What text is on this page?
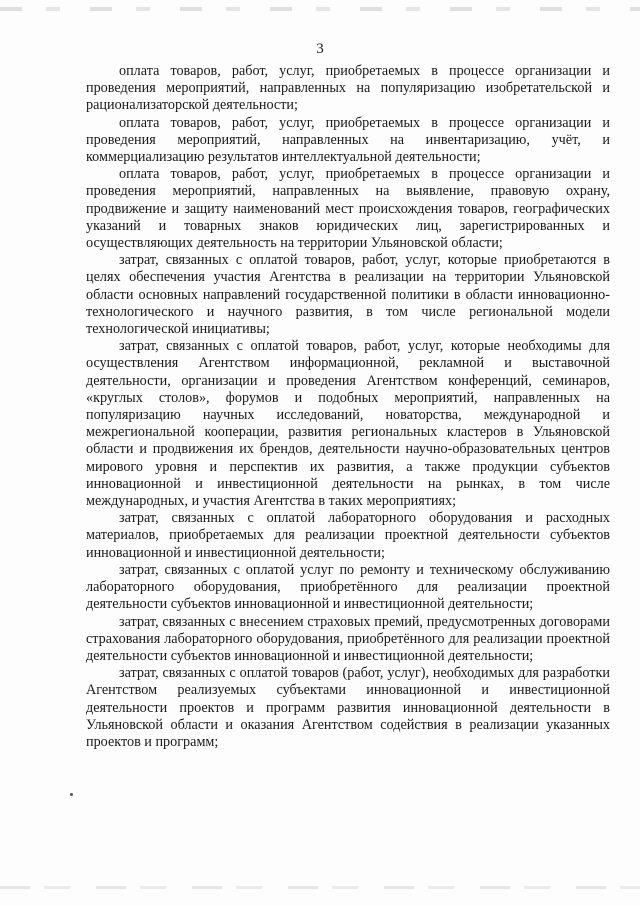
3

оплата товаров, работ, услуг, приобретаемых в процессе организации и проведения мероприятий, направленных на популяризацию изобретательской и рационализаторской деятельности;

оплата товаров, работ, услуг, приобретаемых в процессе организации и проведения мероприятий, направленных на инвентаризацию, учёт, и коммерциализацию результатов интеллектуальной деятельности;

оплата товаров, работ, услуг, приобретаемых в процессе организации и проведения мероприятий, направленных на выявление, правовую охрану, продвижение и защиту наименований мест происхождения товаров, географических указаний и товарных знаков юридических лиц, зарегистрированных и осуществляющих деятельность на территории Ульяновской области;

затрат, связанных с оплатой товаров, работ, услуг, которые приобретаются в целях обеспечения участия Агентства в реализации на территории Ульяновской области основных направлений государственной политики в области инновационно-технологического и научного развития, в том числе региональной модели технологической инициативы;

затрат, связанных с оплатой товаров, работ, услуг, которые необходимы для осуществления Агентством информационной, рекламной и выставочной деятельности, организации и проведения Агентством конференций, семинаров, «круглых столов», форумов и подобных мероприятий, направленных на популяризацию научных исследований, новаторства, международной и межрегиональной кооперации, развития региональных кластеров в Ульяновской области и продвижения их брендов, деятельности научно-образовательных центров мирового уровня и перспектив их развития, а также продукции субъектов инновационной и инвестиционной деятельности на рынках, в том числе международных, и участия Агентства в таких мероприятиях;

затрат, связанных с оплатой лабораторного оборудования и расходных материалов, приобретаемых для реализации проектной деятельности субъектов инновационной и инвестиционной деятельности;

затрат, связанных с оплатой услуг по ремонту и техническому обслуживанию лабораторного оборудования, приобретённого для реализации проектной деятельности субъектов инновационной и инвестиционной деятельности;

затрат, связанных с внесением страховых премий, предусмотренных договорами страхования лабораторного оборудования, приобретённого для реализации проектной деятельности субъектов инновационной и инвестиционной деятельности;

затрат, связанных с оплатой товаров (работ, услуг), необходимых для разработки Агентством реализуемых субъектами инновационной и инвестиционной деятельности проектов и программ развития инновационной деятельности в Ульяновской области и оказания Агентством содействия в реализации указанных проектов и программ;
